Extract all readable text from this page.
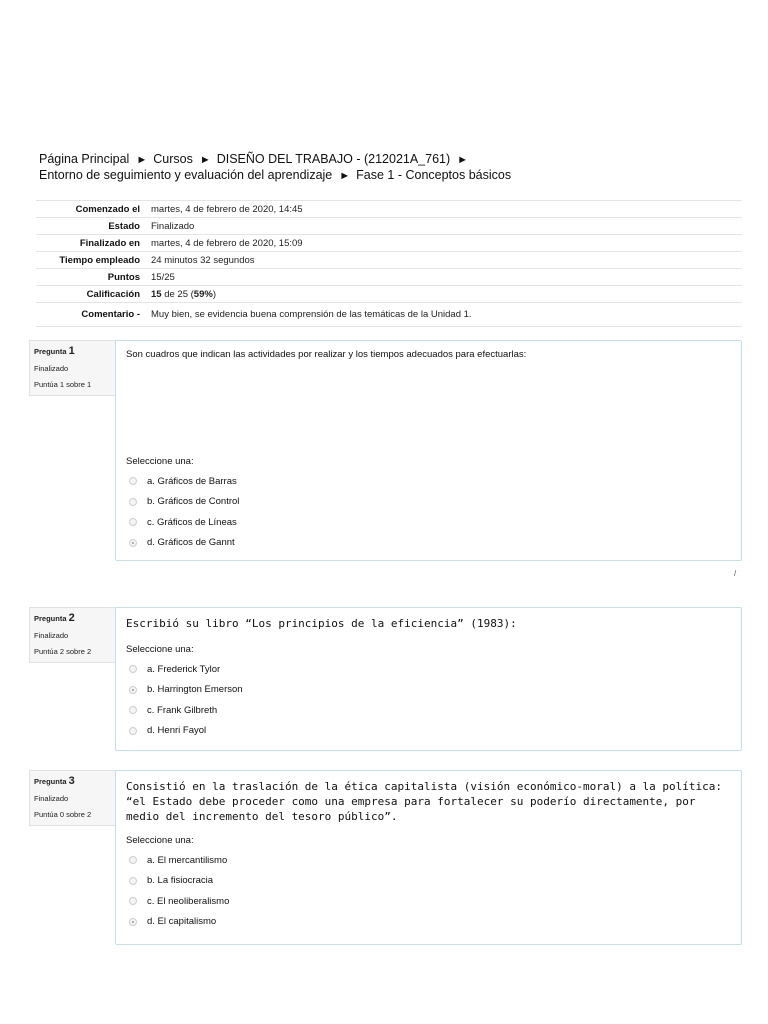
Página Principal ► Cursos ► DISEÑO DEL TRABAJO - (212021A_761) ►
Entorno de seguimiento y evaluación del aprendizaje ► Fase 1 - Conceptos básicos
Comenzado el	martes, 4 de febrero de 2020, 14:45
Estado	Finalizado
Finalizado en	martes, 4 de febrero de 2020, 15:09
Tiempo empleado	24 minutos 32 segundos
Puntos	15/25
Calificación	15 de 25 (59%)
Comentario -	Muy bien, se evidencia buena comprensión de las temáticas de la Unidad 1.
Pregunta 1
Finalizado
Puntúa 1 sobre 1
Son cuadros que indican las actividades por realizar y los tiempos adecuados para efectuarlas:
Seleccione una:
a. Gráficos de Barras
b. Gráficos de Control
c. Gráficos de Líneas
d. Gráficos de Gannt
/
Pregunta 2
Finalizado
Puntúa 2 sobre 2
Escribió su libro “Los principios de la eficiencia” (1983):
Seleccione una:
a. Frederick Tylor
b. Harrington Emerson
c. Frank Gilbreth
d. Henri Fayol
Pregunta 3
Finalizado
Puntúa 0 sobre 2
Consistió en la traslación de la ética capitalista (visión económico-moral) a la política: “el Estado debe proceder como una empresa para fortalecer su poderío directamente, por medio del incremento del tesoro público”.
Seleccione una:
a. El mercantilismo
b. La fisiocracia
c. El neoliberalismo
d. El capitalismo
